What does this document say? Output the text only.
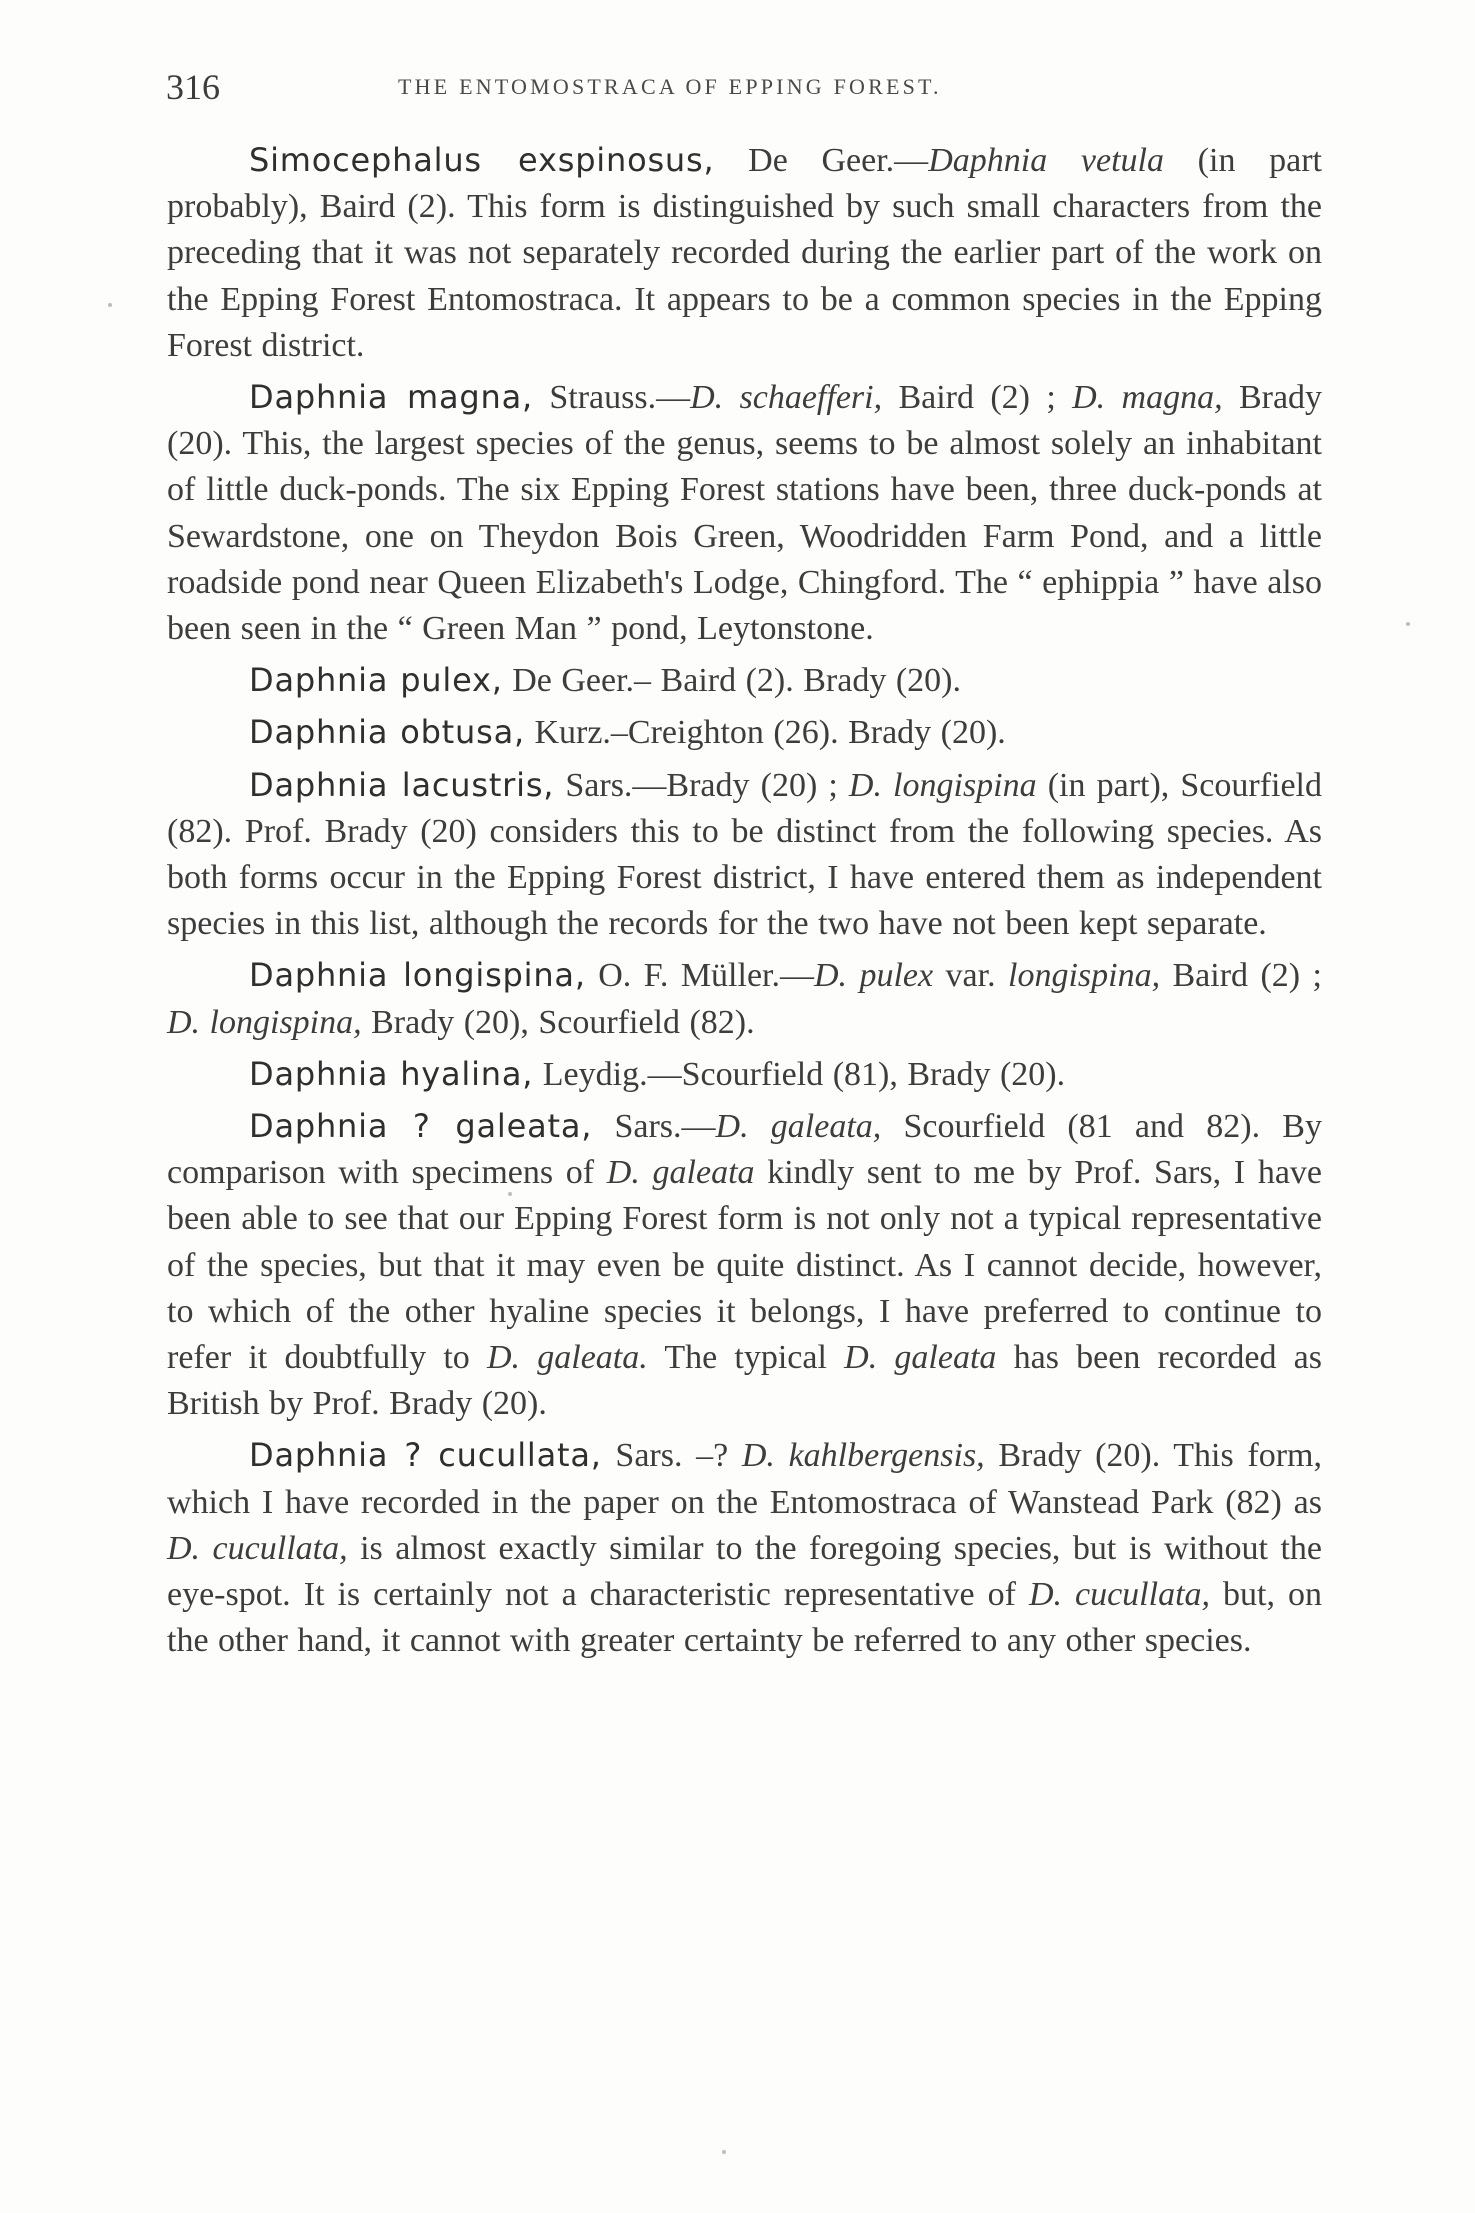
316	THE ENTOMOSTRACA OF EPPING FOREST.

Simocephalus exspinosus, De Geer.—Daphnia vetula (in part probably), Baird (2). This form is distinguished by such small characters from the preceding that it was not separately recorded during the earlier part of the work on the Epping Forest Entomostraca. It appears to be a common species in the Epping Forest district.

Daphnia magna, Strauss.—D. schaefferi, Baird (2) ; D. magna, Brady (20). This, the largest species of the genus, seems to be almost solely an inhabitant of little duck-ponds. The six Epping Forest stations have been, three duck-ponds at Sewardstone, one on Theydon Bois Green, Woodridden Farm Pond, and a little roadside pond near Queen Elizabeth's Lodge, Chingford. The “ ephippia ” have also been seen in the “ Green Man ” pond, Leytonstone.

Daphnia pulex, De Geer.– Baird (2). Brady (20).

Daphnia obtusa, Kurz.–Creighton (26). Brady (20).

Daphnia lacustris, Sars.—Brady (20) ; D. longispina (in part), Scourfield (82). Prof. Brady (20) considers this to be distinct from the following species. As both forms occur in the Epping Forest district, I have entered them as independent species in this list, although the records for the two have not been kept separate.

Daphnia longispina, O. F. Müller.—D. pulex var. longispina, Baird (2) ; D. longispina, Brady (20), Scourfield (82).

Daphnia hyalina, Leydig.—Scourfield (81), Brady (20).

Daphnia ? galeata, Sars.—D. galeata, Scourfield (81 and 82). By comparison with specimens of D. galeata kindly sent to me by Prof. Sars, I have been able to see that our Epping Forest form is not only not a typical representative of the species, but that it may even be quite distinct. As I cannot decide, however, to which of the other hyaline species it belongs, I have preferred to continue to refer it doubtfully to D. galeata. The typical D. galeata has been recorded as British by Prof. Brady (20).

Daphnia ? cucullata, Sars. –? D. kahlbergensis, Brady (20). This form, which I have recorded in the paper on the Entomostraca of Wanstead Park (82) as D. cucullata, is almost exactly similar to the foregoing species, but is without the eye-spot. It is certainly not a characteristic representative of D. cucullata, but, on the other hand, it cannot with greater certainty be referred to any other species.
